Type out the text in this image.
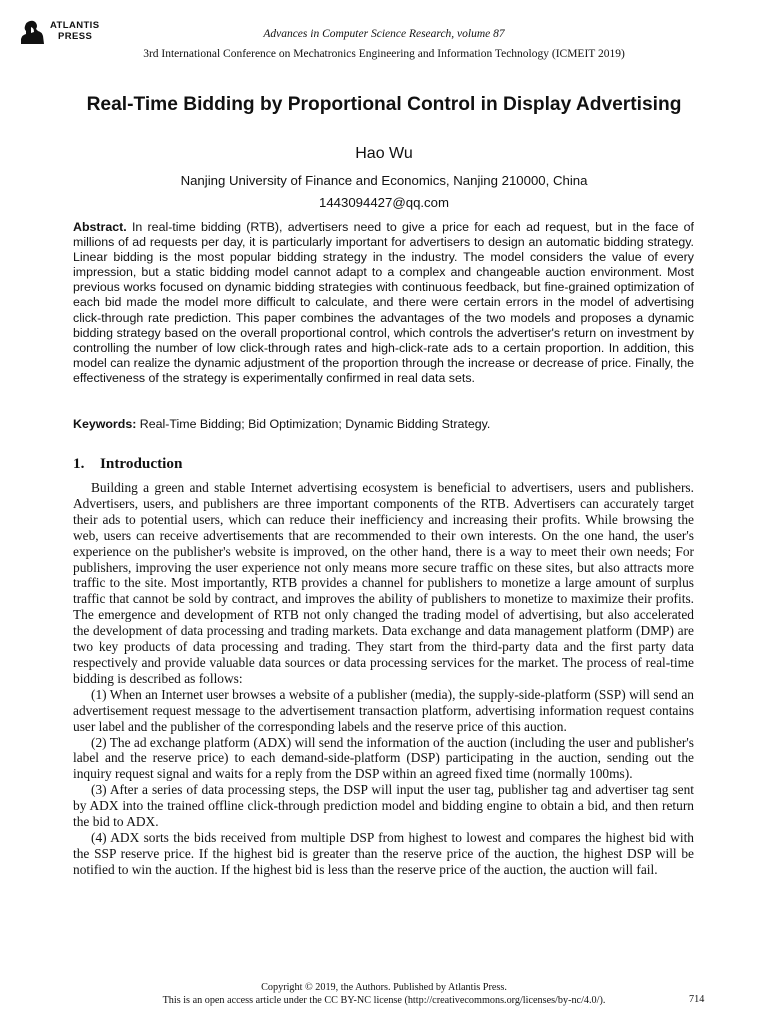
ATLANTIS
PRESS	Advances in Computer Science Research, volume 87
3rd International Conference on Mechatronics Engineering and Information Technology (ICMEIT 2019)
Real-Time Bidding by Proportional Control in Display Advertising
Hao Wu
Nanjing University of Finance and Economics, Nanjing 210000, China
1443094427@qq.com

Abstract. In real-time bidding (RTB), advertisers need to give a price for each ad request, but in the face of millions of ad requests per day, it is particularly important for advertisers to design an automatic bidding strategy. Linear bidding is the most popular bidding strategy in the industry. The model considers the value of every impression, but a static bidding model cannot adapt to a complex and changeable auction environment. Most previous works focused on dynamic bidding strategies with continuous feedback, but fine-grained optimization of each bid made the model more difficult to calculate, and there were certain errors in the model of advertising click-through rate prediction. This paper combines the advantages of the two models and proposes a dynamic bidding strategy based on the overall proportional control, which controls the advertiser's return on investment by controlling the number of low click-through rates and high-click-rate ads to a certain proportion. In addition, this model can realize the dynamic adjustment of the proportion through the increase or decrease of price. Finally, the effectiveness of the strategy is experimentally confirmed in real data sets.

Keywords: Real-Time Bidding; Bid Optimization; Dynamic Bidding Strategy.

1. Introduction

Building a green and stable Internet advertising ecosystem is beneficial to advertisers, users and publishers. Advertisers, users, and publishers are three important components of the RTB. Advertisers can accurately target their ads to potential users, which can reduce their inefficiency and increasing their profits. While browsing the web, users can receive advertisements that are recommended to their own interests. On the one hand, the user's experience on the publisher's website is improved, on the other hand, there is a way to meet their own needs; For publishers, improving the user experience not only means more secure traffic on these sites, but also attracts more traffic to the site. Most importantly, RTB provides a channel for publishers to monetize a large amount of surplus traffic that cannot be sold by contract, and improves the ability of publishers to monetize to maximize their profits. The emergence and development of RTB not only changed the trading model of advertising, but also accelerated the development of data processing and trading markets. Data exchange and data management platform (DMP) are two key products of data processing and trading. They start from the third-party data and the first party data respectively and provide valuable data sources or data processing services for the market. The process of real-time bidding is described as follows:

(1) When an Internet user browses a website of a publisher (media), the supply-side-platform (SSP) will send an advertisement request message to the advertisement transaction platform, advertising information request contains user label and the publisher of the corresponding labels and the reserve price of this auction.

(2) The ad exchange platform (ADX) will send the information of the auction (including the user and publisher's label and the reserve price) to each demand-side-platform (DSP) participating in the auction, sending out the inquiry request signal and waits for a reply from the DSP within an agreed fixed time (normally 100ms).

(3) After a series of data processing steps, the DSP will input the user tag, publisher tag and advertiser tag sent by ADX into the trained offline click-through prediction model and bidding engine to obtain a bid, and then return the bid to ADX.

(4) ADX sorts the bids received from multiple DSP from highest to lowest and compares the highest bid with the SSP reserve price. If the highest bid is greater than the reserve price of the auction, the highest DSP will be notified to win the auction. If the highest bid is less than the reserve price of the auction, the auction will fail.

Copyright © 2019, the Authors. Published by Atlantis Press.
This is an open access article under the CC BY-NC license (http://creativecommons.org/licenses/by-nc/4.0/).	714
